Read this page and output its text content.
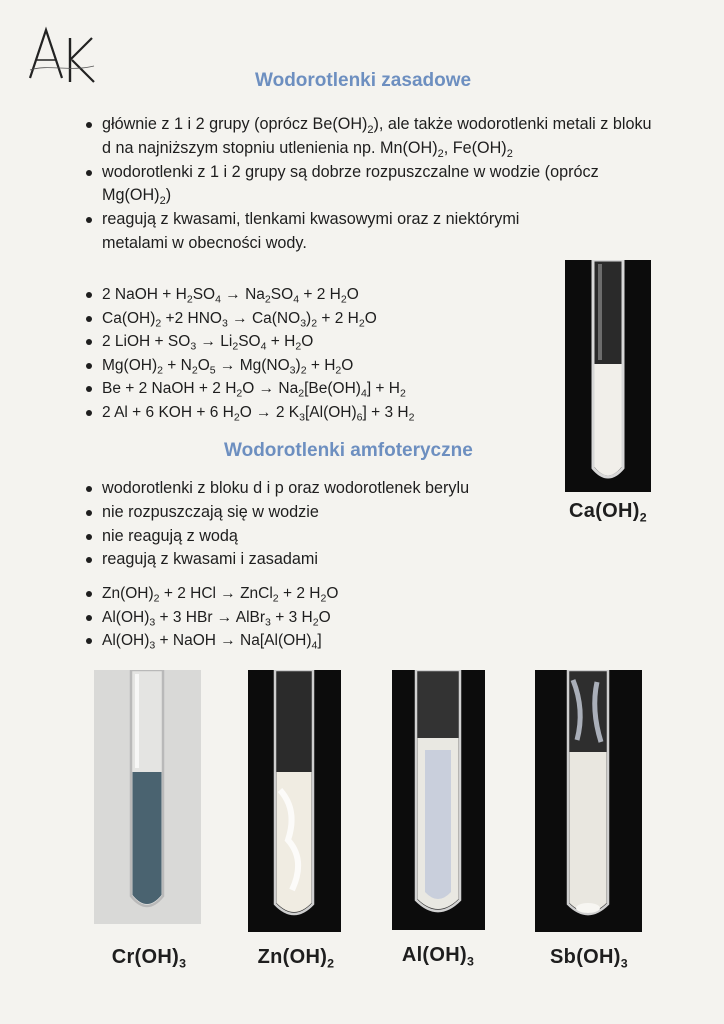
Wodorotlenki zasadowe
głównie z 1 i 2 grupy (oprócz $Be(OH)_2$), ale także wodorotlenki metali z bloku d na najniższym stopniu utlenienia np. $Mn(OH)_2$, $Fe(OH)_2$
wodorotlenki z 1 i 2 grupy są dobrze rozpuszczalne w wodzie (oprócz $Mg(OH)_2$)
reagują z kwasami, tlenkami kwasowymi oraz z niektórymi metalami w obecności wody.
2 NaOH + $H_2SO_4 \to Na_2SO_4 + 2$ $H_2O$
$Ca(OH)_2 +2$ $HNO_3 \to Ca(NO_3)_2 + 2$ $H_2O$
2 LiOH + $SO_3 \to Li_2SO_4 + H_2O$
$Mg(OH)_2 + N_2O_5 \to Mg(NO_3)_2 + H_2O$
Be + 2 NaOH + 2 $H_2O \to Na_2[Be(OH)_4] + H_2$
2 Al + 6 KOH + 6 $H_2O \to 2$ $K_3[Al(OH)_6] + 3$ $H_2$
$Ca(OH)_2$
Wodorotlenki amfoteryczne
wodorotlenki z bloku d i p oraz wodorotlenek berylu
nie rozpuszczają się w wodzie
nie reagują z wodą
reagują z kwasami i zasadami
$Zn(OH)_2 + 2$ HCl → ZnCl$_2$ + 2 $H_2O$
$Al(OH)_3 + 3$ HBr → AlBr$_3$ + 3 $H_2O$
$Al(OH)_3$ + NaOH → $Na[Al(OH)_4]$
$Cr(OH)_3$	$Zn(OH)_2$	$Al(OH)_3$	$Sb(OH)_3$
